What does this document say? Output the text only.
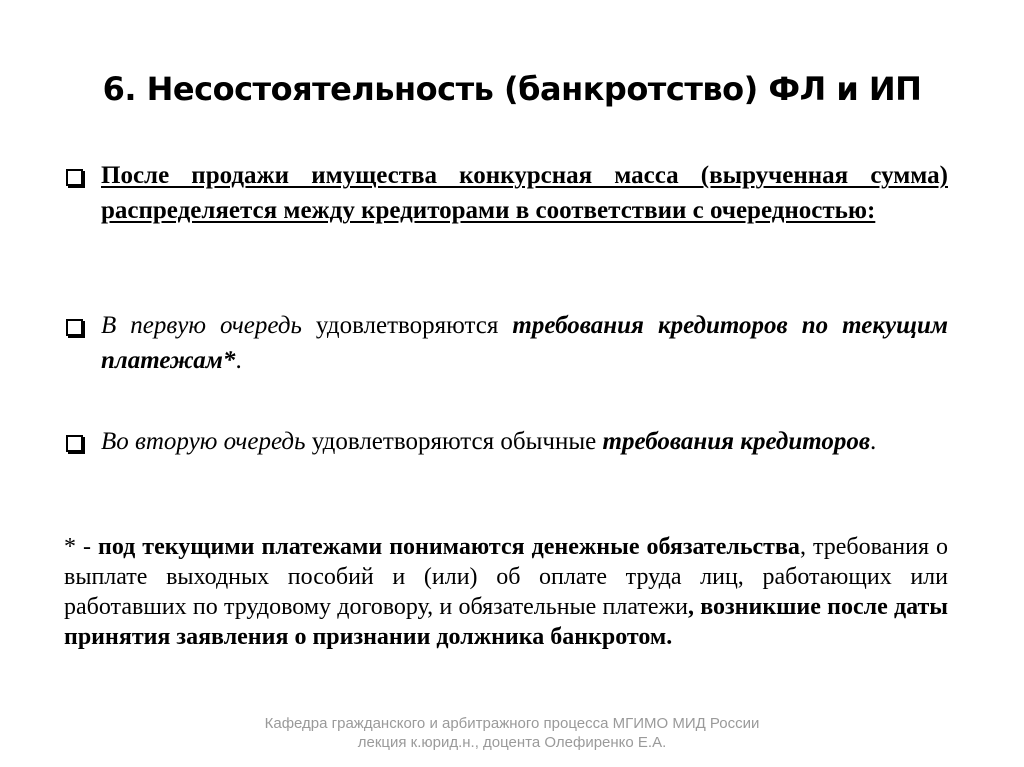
6. Несостоятельность (банкротство) ФЛ и ИП
После продажи имущества конкурсная масса (вырученная сумма) распределяется между кредиторами в соответствии с очередностью:
В первую очередь удовлетворяются требования кредиторов по текущим платежам*.
Во вторую очередь удовлетворяются обычные требования кредиторов.
* - под текущими платежами понимаются денежные обязательства, требования о выплате выходных пособий и (или) об оплате труда лиц, работающих или работавших по трудовому договору, и обязательные платежи, возникшие после даты принятия заявления о признании должника банкротом.
Кафедра гражданского и арбитражного процесса МГИМО МИД России
лекция к.юрид.н., доцента Олефиренко Е.А.
